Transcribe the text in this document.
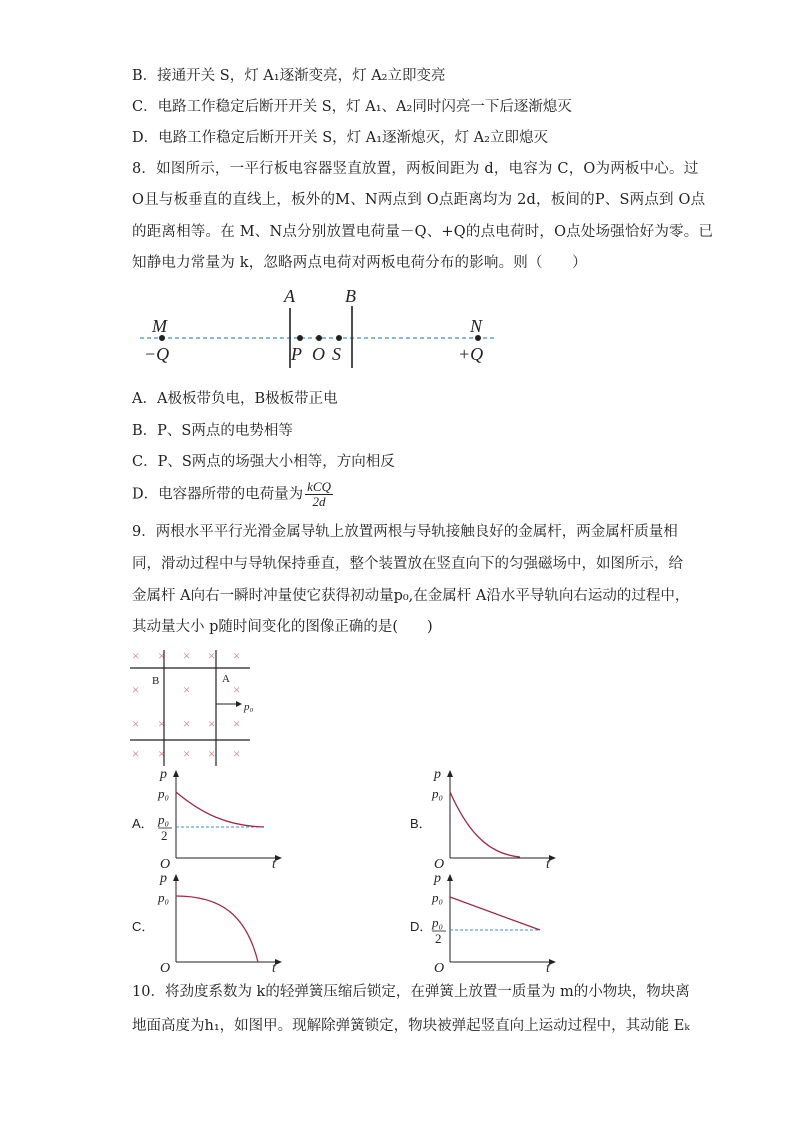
B．接通开关 S，灯 A₁逐渐变亮，灯 A₂立即变亮
C．电路工作稳定后断开开关 S，灯 A₁、A₂同时闪亮一下后逐渐熄灭
D．电路工作稳定后断开开关 S，灯 A₁逐渐熄灭，灯 A₂立即熄灭
8．如图所示，一平行板电容器竖直放置，两板间距为 d，电容为 C，O为两板中心。过
O且与板垂直的直线上，板外的M、N两点到 O点距离均为 2d，板间的P、S两点到 O点
的距离相等。在 M、N点分别放置电荷量－Q、+Q的点电荷时，O点处场强恰好为零。已
知静电力常量为 k，忽略两点电荷对两板电荷分布的影响。则（　　）
A	B
M	N
P O S
−Q	+Q
A．A极板带负电，B极板带正电
B．P、S两点的电势相等
C．P、S两点的场强大小相等，方向相反
D．电容器所带的电荷量为 $\frac{\text{kCQ}}{2d}$
9．两根水平平行光滑金属导轨上放置两根与导轨接触良好的金属杆，两金属杆质量相
同，滑动过程中与导轨保持垂直，整个装置放在竖直向下的匀强磁场中，如图所示，给
金属杆 A向右一瞬时冲量使它获得初动量p₀,在金属杆 A沿水平导轨向右运动的过程中，
其动量大小 p随时间变化的图像正确的是(　　)
× × × × ×
×	×	×
× × × × ×
× × × × ×
B	A
p₀
A．
p
t
O
p₀
p₀
2
B．
p
t
O
p₀
C．
p
t
O
p₀
D．
p
t
O
p₀
p₀
2
10．将劲度系数为 k的轻弹簧压缩后锁定，在弹簧上放置一质量为 m的小物块，物块离
地面高度为h₁，如图甲。现解除弹簧锁定，物块被弹起竖直向上运动过程中，其动能 Eₖ
